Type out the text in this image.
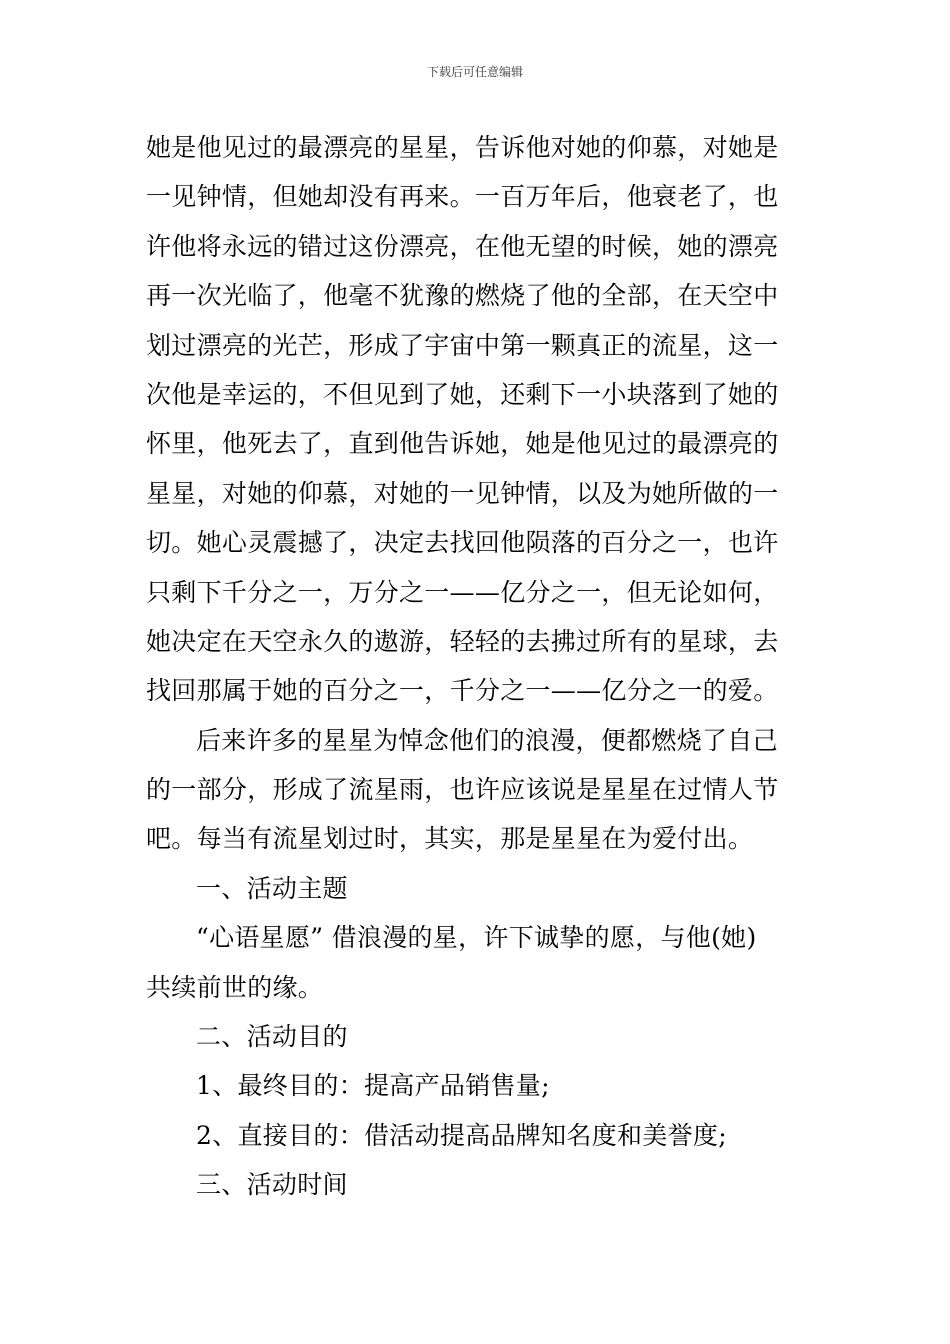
下载后可任意编辑
她是他见过的最漂亮的星星，告诉他对她的仰慕，对她是
一见钟情，但她却没有再来。一百万年后，他衰老了，也
许他将永远的错过这份漂亮，在他无望的时候，她的漂亮
再一次光临了，他毫不犹豫的燃烧了他的全部，在天空中
划过漂亮的光芒，形成了宇宙中第一颗真正的流星，这一
次他是幸运的，不但见到了她，还剩下一小块落到了她的
怀里，他死去了，直到他告诉她，她是他见过的最漂亮的
星星，对她的仰慕，对她的一见钟情，以及为她所做的一
切。她心灵震撼了，决定去找回他陨落的百分之一，也许
只剩下千分之一，万分之一——亿分之一，但无论如何，
她决定在天空永久的遨游，轻轻的去拂过所有的星球，去
找回那属于她的百分之一，千分之一——亿分之一的爱。
后来许多的星星为悼念他们的浪漫，便都燃烧了自己
的一部分，形成了流星雨，也许应该说是星星在过情人节
吧。每当有流星划过时，其实，那是星星在为爱付出。
一、活动主题
“心语星愿” 借浪漫的星，许下诚挚的愿，与他(她)
共续前世的缘。
二、活动目的
1、最终目的：提高产品销售量;
2、直接目的：借活动提高品牌知名度和美誉度;
三、活动时间
